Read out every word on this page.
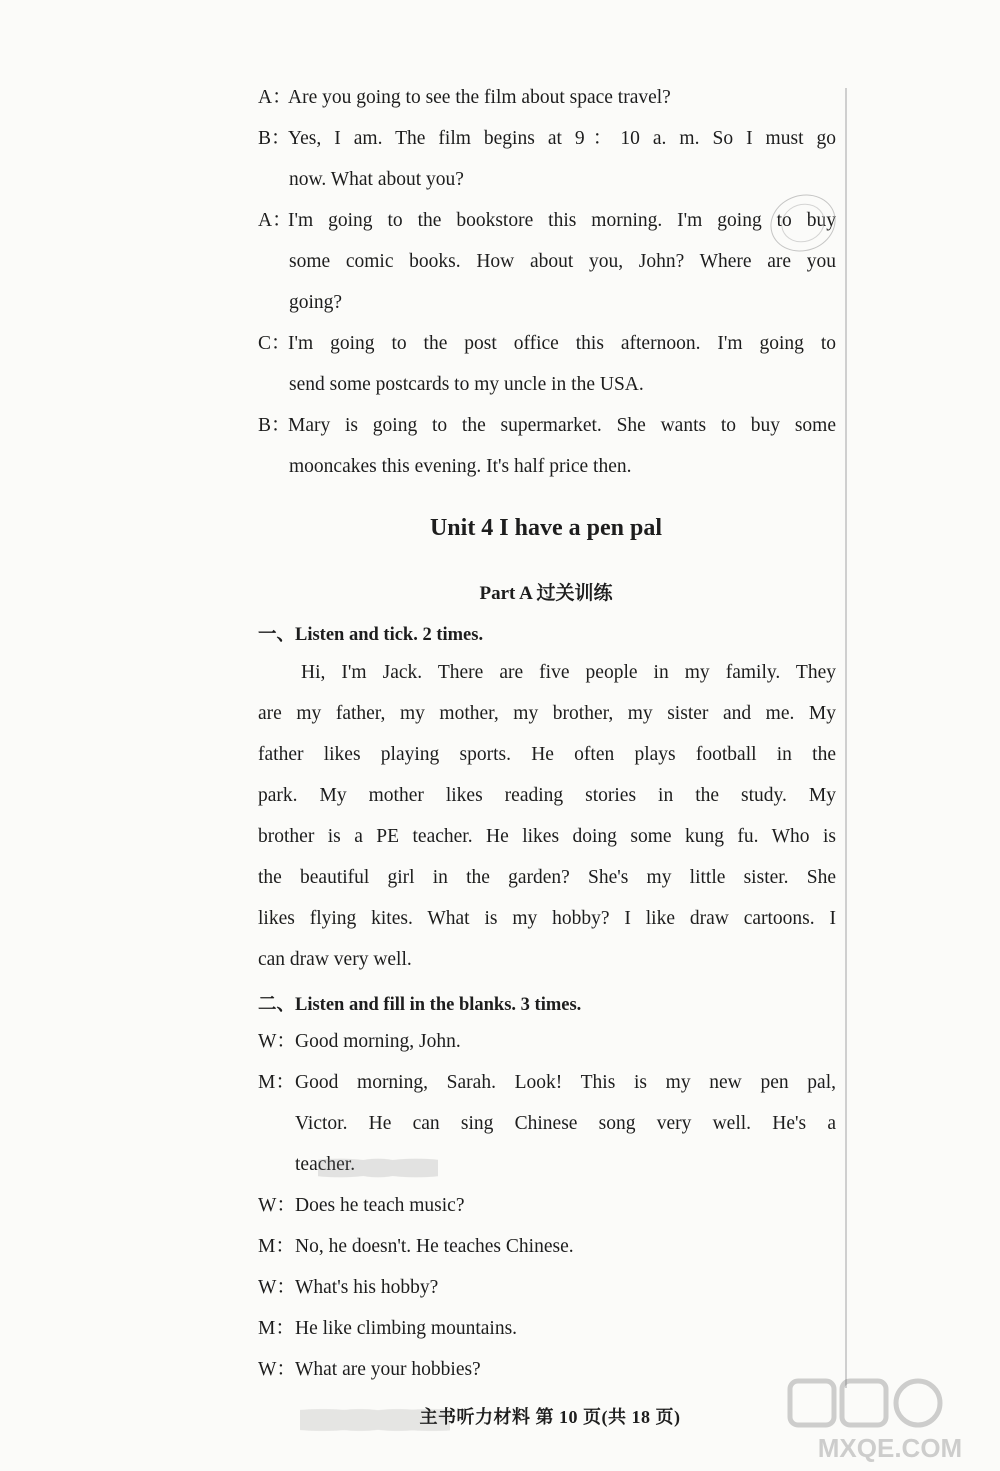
A：Are you going to see the film about space travel?
B：Yes, I am. The film begins at 9：10 a. m. So I must go
now. What about you?
A：I'm going to the bookstore this morning. I'm going to buy
some comic books. How about you, John? Where are you
going?
C：I'm going to the post office this afternoon. I'm going to
send some postcards to my uncle in the USA.
B：Mary is going to the supermarket. She wants to buy some
mooncakes this evening. It's half price then.
Unit 4 I have a pen pal
Part A 过关训练
一、Listen and tick. 2 times.
Hi, I'm Jack. There are five people in my family. They
are my father, my mother, my brother, my sister and me. My
father likes playing sports. He often plays football in the
park. My mother likes reading stories in the study. My
brother is a PE teacher. He likes doing some kung fu. Who is
the beautiful girl in the garden? She's my little sister. She
likes flying kites. What is my hobby? I like draw cartoons. I
can draw very well.
二、Listen and fill in the blanks. 3 times.
W：Good morning, John.
M：Good morning, Sarah. Look! This is my new pen pal,
Victor. He can sing Chinese song very well. He's a
teacher.
W：Does he teach music?
M：No, he doesn't. He teaches Chinese.
W：What's his hobby?
M：He like climbing mountains.
W：What are your hobbies?
主书听力材料 第 10 页(共 18 页)
MXQE.COM
